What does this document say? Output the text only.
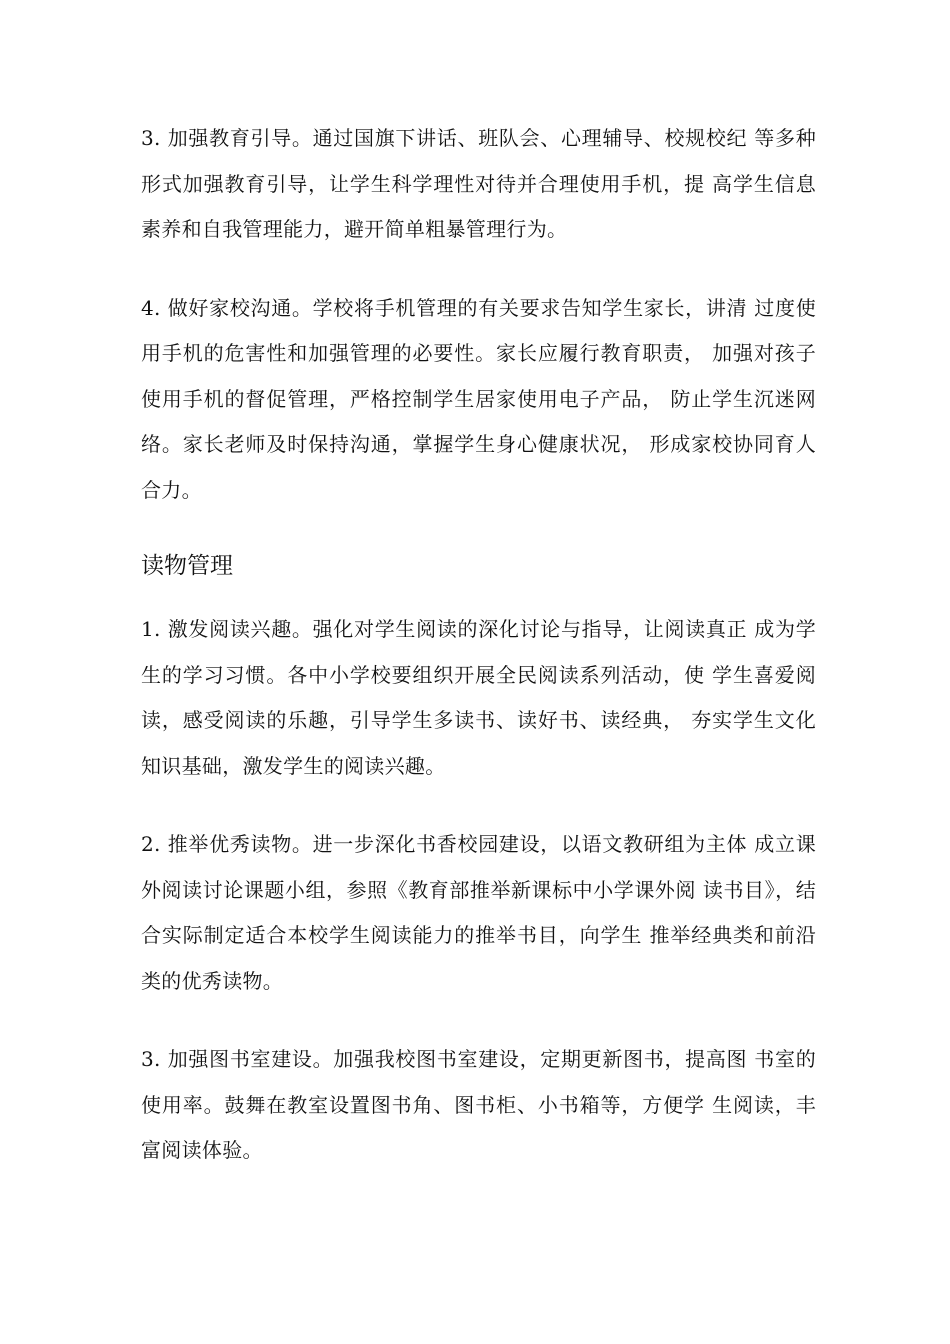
3. 加强教育引导。通过国旗下讲话、班队会、心理辅导、校规校纪 等多种形式加强教育引导，让学生科学理性对待并合理使用手机，提 高学生信息素养和自我管理能力，避开简单粗暴管理行为。

4. 做好家校沟通。学校将手机管理的有关要求告知学生家长，讲清 过度使用手机的危害性和加强管理的必要性。家长应履行教育职责， 加强对孩子使用手机的督促管理，严格控制学生居家使用电子产品， 防止学生沉迷网络。家长老师及时保持沟通，掌握学生身心健康状况， 形成家校协同育人合力。

读物管理

1. 激发阅读兴趣。强化对学生阅读的深化讨论与指导，让阅读真正 成为学生的学习习惯。各中小学校要组织开展全民阅读系列活动，使 学生喜爱阅读，感受阅读的乐趣，引导学生多读书、读好书、读经典， 夯实学生文化知识基础，激发学生的阅读兴趣。

2. 推举优秀读物。进一步深化书香校园建设，以语文教研组为主体 成立课外阅读讨论课题小组，参照《教育部推举新课标中小学课外阅 读书目》，结合实际制定适合本校学生阅读能力的推举书目，向学生 推举经典类和前沿类的优秀读物。

3. 加强图书室建设。加强我校图书室建设，定期更新图书，提高图 书室的使用率。鼓舞在教室设置图书角、图书柜、小书箱等，方便学 生阅读，丰富阅读体验。
